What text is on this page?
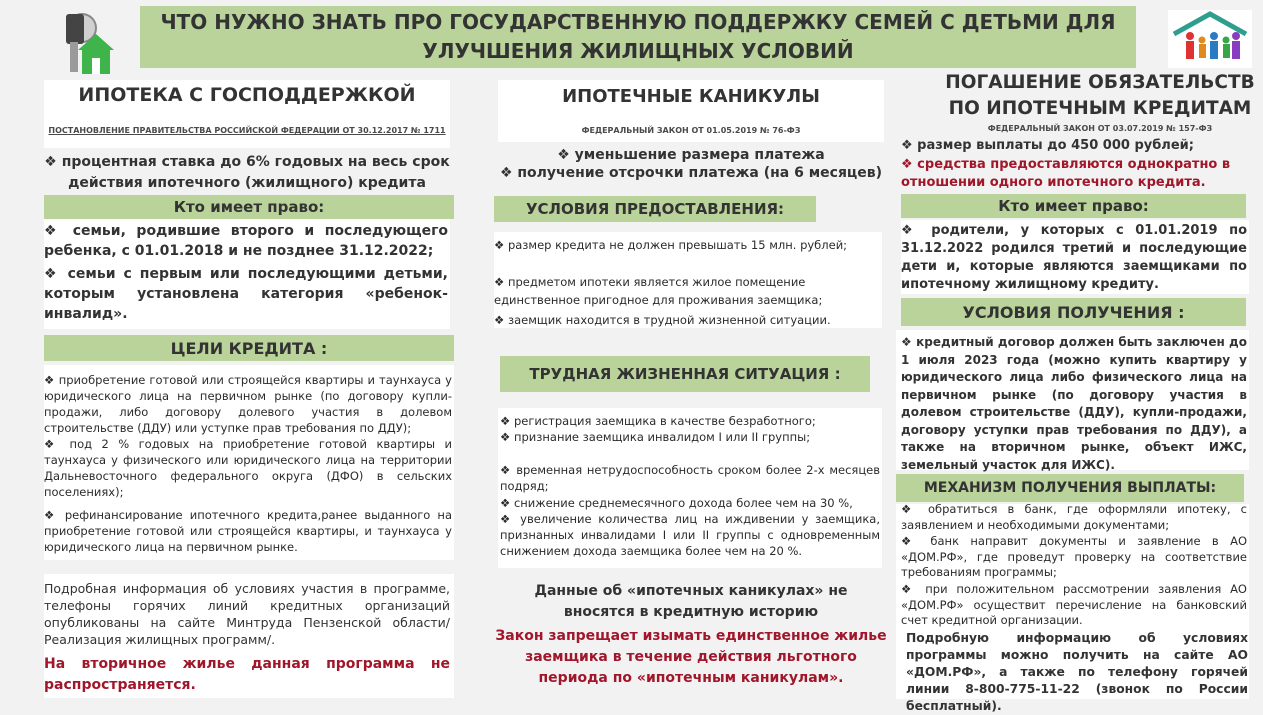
ЧТО НУЖНО ЗНАТЬ ПРО ГОСУДАРСТВЕННУЮ ПОДДЕРЖКУ СЕМЕЙ С ДЕТЬМИ ДЛЯ УЛУЧШЕНИЯ ЖИЛИЩНЫХ УСЛОВИЙ
ИПОТЕКА С ГОСПОДДЕРЖКОЙ
ПОСТАНОВЛЕНИЕ ПРАВИТЕЛЬСТВА РОССИЙСКОЙ ФЕДЕРАЦИИ ОТ 30.12.2017 № 1711
❖ процентная ставка до 6% годовых на весь срок действия ипотечного (жилищного) кредита
Кто имеет право:
❖ семьи, родившие второго и последующего ребенка, с 01.01.2018 и не позднее 31.12.2022;
❖ семьи с первым или последующими детьми, которым установлена категория «ребенок-инвалид».
ЦЕЛИ КРЕДИТА :
❖ приобретение готовой или строящейся квартиры и таунхауса у юридического лица на первичном рынке (по договору купли-продажи, либо договору долевого участия в долевом строительстве (ДДУ) или уступке прав требования по ДДУ);
❖ под 2 % годовых на приобретение готовой квартиры и таунхауса у физического или юридического лица на территории Дальневосточного федерального округа (ДФО) в сельских поселениях);
❖ рефинансирование ипотечного кредита,ранее выданного на приобретение готовой или строящейся квартиры, и таунхауса у юридического лица на первичном рынке.
Подробная информация об условиях участия в программе, телефоны горячих линий кредитных организаций опубликованы на сайте Минтруда Пензенской области/Реализация жилищных программ/.
На вторичное жилье данная программа не распространяется.
ИПОТЕЧНЫЕ КАНИКУЛЫ
ФЕДЕРАЛЬНЫЙ ЗАКОН ОТ 01.05.2019 № 76-ФЗ
❖ уменьшение размера платежа
❖ получение отсрочки платежа (на 6 месяцев)
УСЛОВИЯ ПРЕДОСТАВЛЕНИЯ:
❖ размер кредита не должен превышать 15 млн. рублей;
❖ предметом ипотеки является жилое помещение единственное пригодное для проживания заемщика;
❖ заемщик находится в трудной жизненной ситуации.
ТРУДНАЯ ЖИЗНЕННАЯ СИТУАЦИЯ :
❖ регистрация заемщика в качестве безработного;
❖ признание заемщика инвалидом I или II группы;
❖ временная нетрудоспособность сроком более 2-х месяцев подряд;
❖ снижение среднемесячного дохода более чем на 30 %,
❖ увеличение количества лиц на иждивении у заемщика, признанных инвалидами I или II группы с одновременным снижением дохода заемщика более чем на 20 %.
Данные об «ипотечных каникулах» не вносятся в кредитную историю
Закон запрещает изымать единственное жилье заемщика в течение действия льготного периода по «ипотечным каникулам».
ПОГАШЕНИЕ ОБЯЗАТЕЛЬСТВ ПО ИПОТЕЧНЫМ КРЕДИТАМ
ФЕДЕРАЛЬНЫЙ ЗАКОН ОТ 03.07.2019 № 157-ФЗ
❖ размер выплаты до 450 000 рублей;
❖ средства предоставляются однократно в отношении одного ипотечного кредита.
Кто имеет право:
❖ родители, у которых с 01.01.2019 по 31.12.2022 родился третий и последующие дети и, которые являются заемщиками по ипотечному жилищному кредиту.
УСЛОВИЯ ПОЛУЧЕНИЯ :
❖ кредитный договор должен быть заключен до 1 июля 2023 года (можно купить квартиру у юридического лица либо физического лица на первичном рынке (по договору участия в долевом строительстве (ДДУ), купли-продажи, договору уступки прав требования по ДДУ), а также на вторичном рынке, объект ИЖС, земельный участок для ИЖС).
МЕХАНИЗМ ПОЛУЧЕНИЯ ВЫПЛАТЫ:
❖ обратиться в банк, где оформляли ипотеку, с заявлением и необходимыми документами;
❖ банк направит документы и заявление в АО «ДОМ.РФ», где проведут проверку на соответствие требованиям программы;
❖ при положительном рассмотрении заявления АО «ДОМ.РФ» осуществит перечисление на банковский счет кредитной организации.
Подробную информацию об условиях программы можно получить на сайте АО «ДОМ.РФ», а также по телефону горячей линии 8-800-775-11-22 (звонок по России бесплатный).
